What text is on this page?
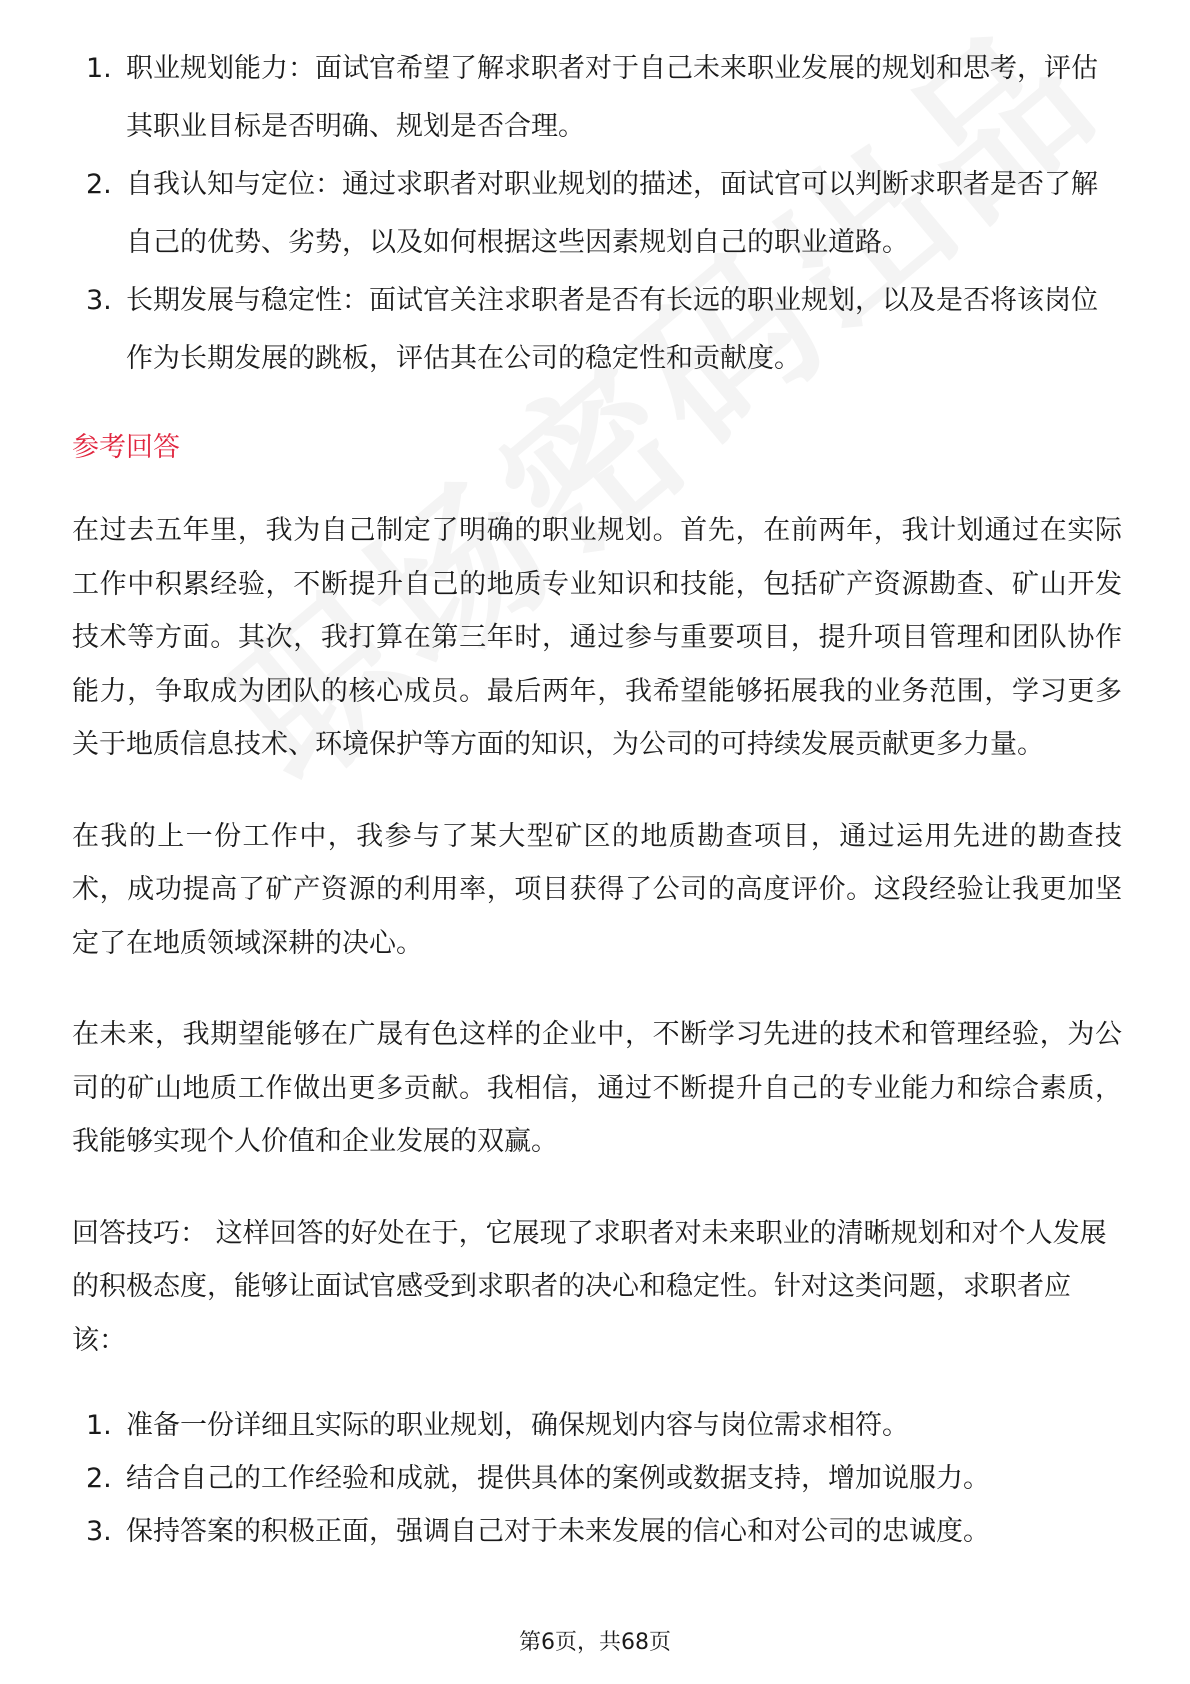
1. 职业规划能力：面试官希望了解求职者对于自己未来职业发展的规划和思考，评估其职业目标是否明确、规划是否合理。
2. 自我认知与定位：通过求职者对职业规划的描述，面试官可以判断求职者是否了解自己的优势、劣势，以及如何根据这些因素规划自己的职业道路。
3. 长期发展与稳定性：面试官关注求职者是否有长远的职业规划，以及是否将该岗位作为长期发展的跳板，评估其在公司的稳定性和贡献度。
参考回答

在过去五年里，我为自己制定了明确的职业规划。首先，在前两年，我计划通过在实际工作中积累经验，不断提升自己的地质专业知识和技能，包括矿产资源勘查、矿山开发技术等方面。其次，我打算在第三年时，通过参与重要项目，提升项目管理和团队协作能力，争取成为团队的核心成员。最后两年，我希望能够拓展我的业务范围，学习更多关于地质信息技术、环境保护等方面的知识，为公司的可持续发展贡献更多力量。

在我的上一份工作中，我参与了某大型矿区的地质勘查项目，通过运用先进的勘查技术，成功提高了矿产资源的利用率，项目获得了公司的高度评价。这段经验让我更加坚定了在地质领域深耕的决心。

在未来，我期望能够在广晟有色这样的企业中，不断学习先进的技术和管理经验，为公司的矿山地质工作做出更多贡献。我相信，通过不断提升自己的专业能力和综合素质，我能够实现个人价值和企业发展的双赢。

回答技巧： 这样回答的好处在于，它展现了求职者对未来职业的清晰规划和对个人发展的积极态度，能够让面试官感受到求职者的决心和稳定性。针对这类问题，求职者应该：

1. 准备一份详细且实际的职业规划，确保规划内容与岗位需求相符。
2. 结合自己的工作经验和成就，提供具体的案例或数据支持，增加说服力。
3. 保持答案的积极正面，强调自己对于未来发展的信心和对公司的忠诚度。
第6页，共68页
